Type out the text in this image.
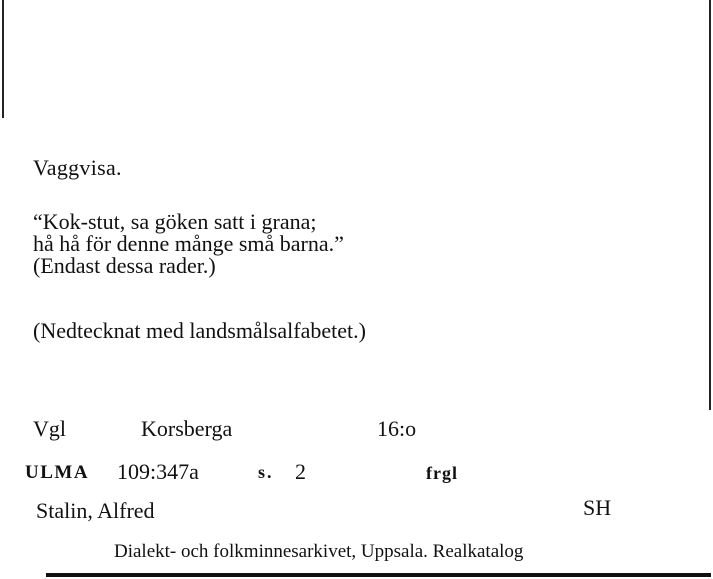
Vaggvisa.
“Kok-stut, sa göken satt i grana;
hå hå för denne månge små barna.”
(Endast dessa rader.)
(Nedtecknat med landsmålsalfabetet.)
Vgl	Korsberga	16:o
ULMA 109:347a	s. 2	frgl
Stalin, Alfred	SH
Dialekt- och folkminnesarkivet, Uppsala. Realkatalog
